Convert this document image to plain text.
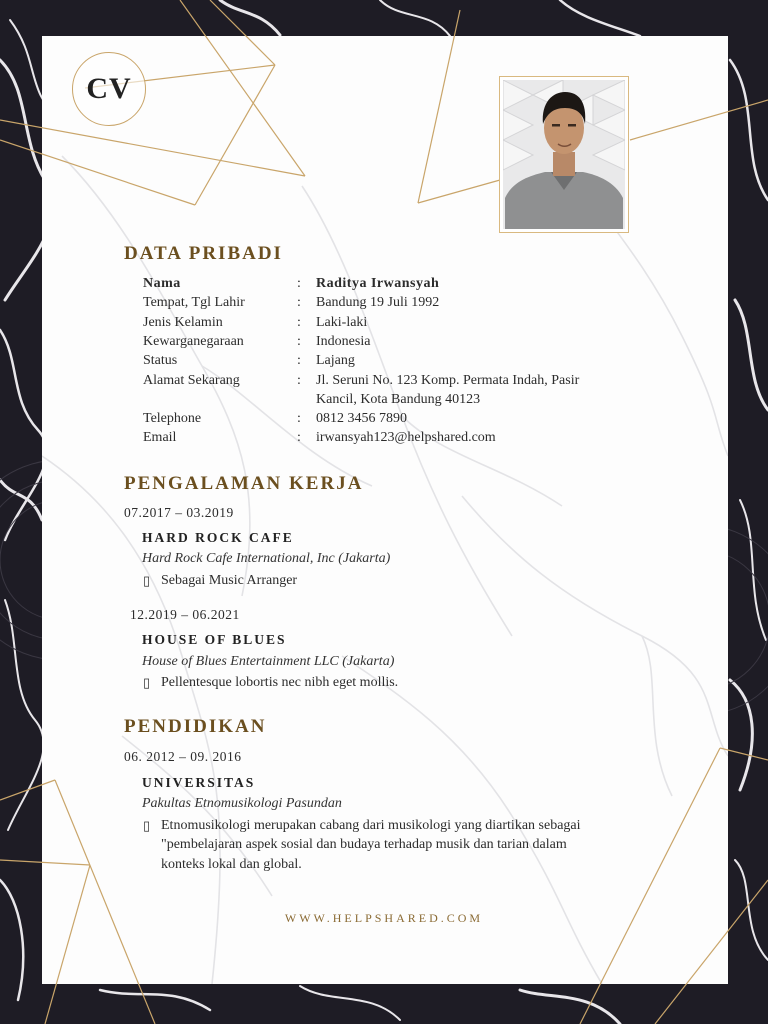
CV
DATA PRIBADI
Nama	: Raditya Irwansyah
Tempat, Tgl Lahir	: Bandung 19 Juli 1992
Jenis Kelamin	: Laki-laki
Kewarganegaraan	: Indonesia
Status	: Lajang
Alamat Sekarang	: Jl. Seruni No. 123 Komp. Permata Indah, Pasir
Kancil, Kota Bandung 40123
Telephone	: 0812 3456 7890
Email	: irwansyah123@helpshared.com
PENGALAMAN KERJA
07.2017 – 03.2019
HARD ROCK CAFE
Hard Rock Cafe International, Inc (Jakarta)
▯ Sebagai Music Arranger
12.2019 – 06.2021
HOUSE OF BLUES
House of Blues Entertainment LLC (Jakarta)
▯ Pellentesque lobortis nec nibh eget mollis.
PENDIDIKAN
06. 2012 – 09. 2016
UNIVERSITAS
Pakultas Etnomusikologi Pasundan
▯ Etnomusikologi merupakan cabang dari musikologi yang diartikan sebagai
"pembelajaran aspek sosial dan budaya terhadap musik dan tarian dalam
konteks lokal dan global.
WWW.HELPSHARED.COM
